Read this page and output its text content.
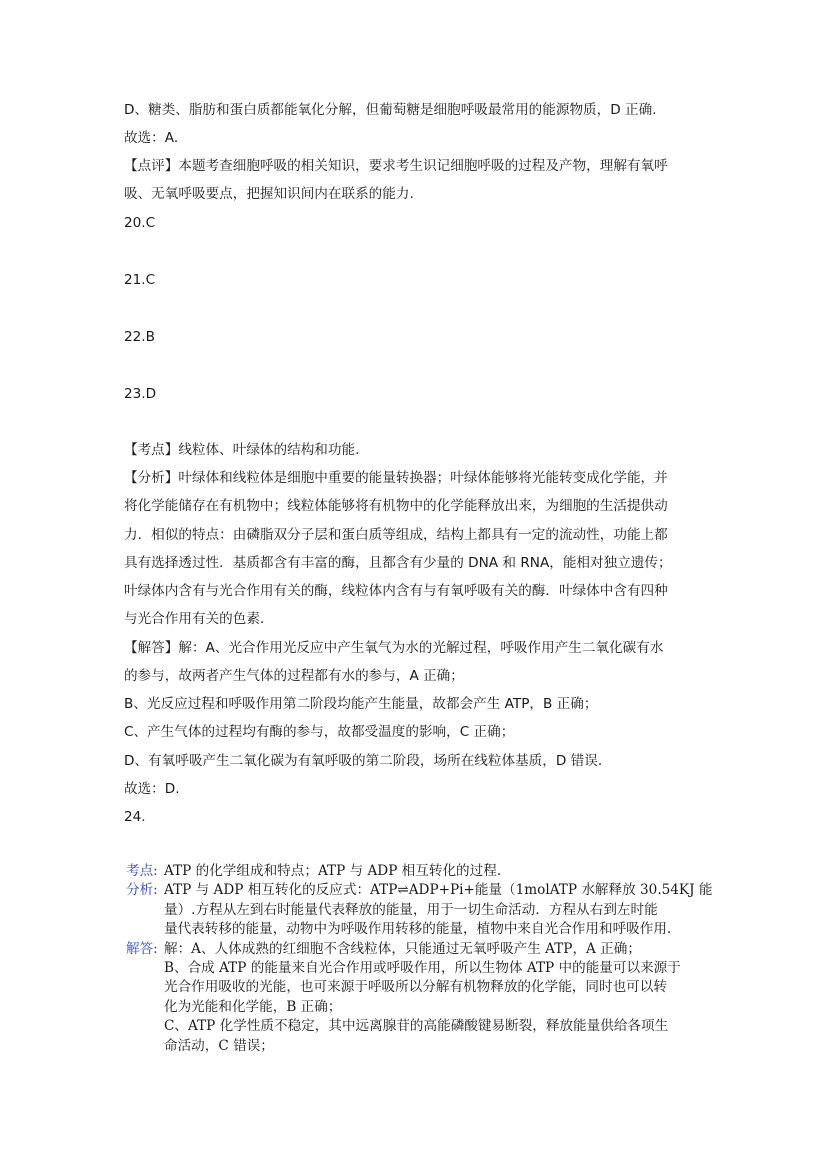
D、糖类、脂肪和蛋白质都能氧化分解，但葡萄糖是细胞呼吸最常用的能源物质，D 正确.
故选：A.
【点评】本题考查细胞呼吸的相关知识，要求考生识记细胞呼吸的过程及产物，理解有氧呼
吸、无氧呼吸要点，把握知识间内在联系的能力.
20.C
21.C
22.B
23.D
【考点】线粒体、叶绿体的结构和功能.
【分析】叶绿体和线粒体是细胞中重要的能量转换器；叶绿体能够将光能转变成化学能，并
将化学能储存在有机物中；线粒体能够将有机物中的化学能释放出来，为细胞的生活提供动
力．相似的特点：由磷脂双分子层和蛋白质等组成，结构上都具有一定的流动性，功能上都
具有选择透过性．基质都含有丰富的酶，且都含有少量的 DNA 和 RNA，能相对独立遗传；
叶绿体内含有与光合作用有关的酶，线粒体内含有与有氧呼吸有关的酶．叶绿体中含有四种
与光合作用有关的色素.
【解答】解：A、光合作用光反应中产生氧气为水的光解过程，呼吸作用产生二氧化碳有水
的参与，故两者产生气体的过程都有水的参与，A 正确；
B、光反应过程和呼吸作用第二阶段均能产生能量，故都会产生 ATP，B 正确；
C、产生气体的过程均有酶的参与，故都受温度的影响，C 正确；
D、有氧呼吸产生二氧化碳为有氧呼吸的第二阶段，场所在线粒体基质，D 错误.
故选：D.
24.
考点: ATP 的化学组成和特点；ATP 与 ADP 相互转化的过程.
分析: ATP 与 ADP 相互转化的反应式：ATP⇌ADP+Pi+能量（1molATP 水解释放 30.54KJ 能
量）.方程从左到右时能量代表释放的能量，用于一切生命活动．方程从右到左时能
量代表转移的能量，动物中为呼吸作用转移的能量，植物中来自光合作用和呼吸作用.
解答: 解：A、人体成熟的红细胞不含线粒体，只能通过无氧呼吸产生 ATP，A 正确；
B、合成 ATP 的能量来自光合作用或呼吸作用，所以生物体 ATP 中的能量可以来源于
光合作用吸收的光能，也可来源于呼吸所以分解有机物释放的化学能，同时也可以转
化为光能和化学能，B 正确；
C、ATP 化学性质不稳定，其中远离腺苷的高能磷酸键易断裂，释放能量供给各项生
命活动，C 错误；
